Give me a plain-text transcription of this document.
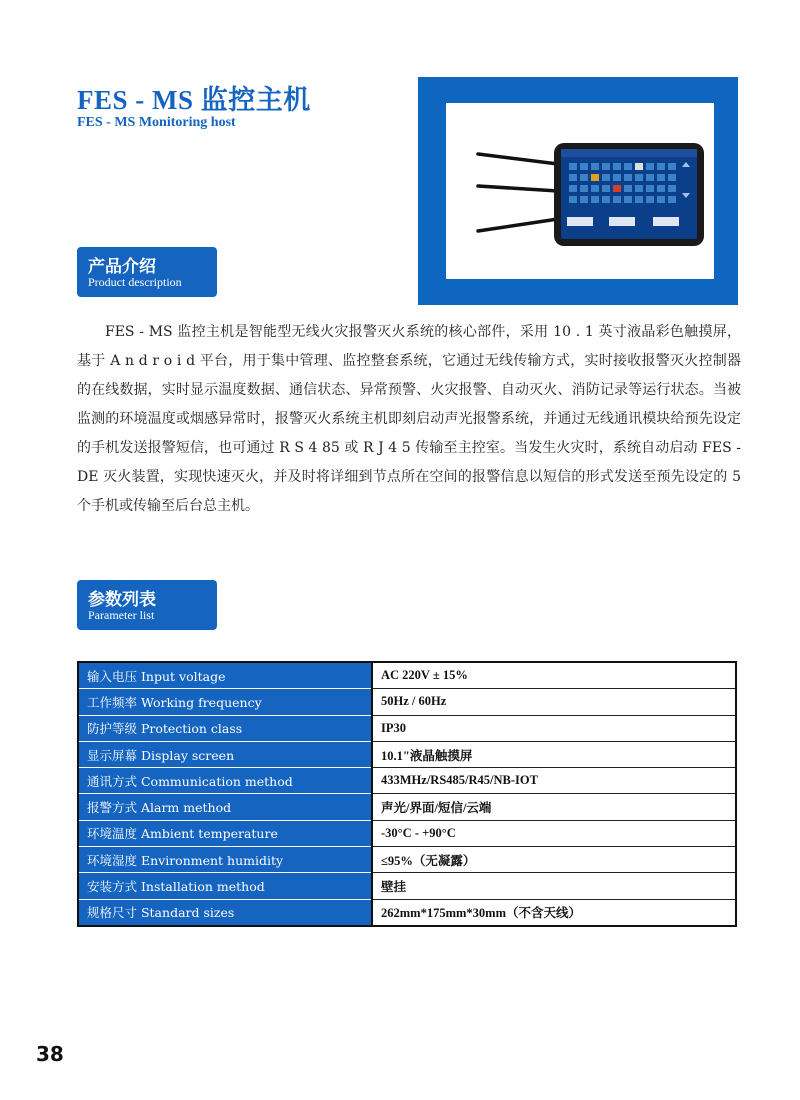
FES - MS 监控主机
FES - MS Monitoring host
产品介绍
Product description

FES - MS 监控主机是智能型无线火灾报警灭火系统的核心部件，采用 10 . 1 英寸液晶彩色触摸屏，基于 A n d r o i d 平台，用于集中管理、监控整套系统，它通过无线传输方式，实时接收报警灭火控制器的在线数据，实时显示温度数据、通信状态、异常预警、火灾报警、自动灭火、消防记录等运行状态。当被监测的环境温度或烟感异常时，报警灭火系统主机即刻启动声光报警系统，并通过无线通讯模块给预先设定的手机发送报警短信，也可通过 R S 4 85 或 R J 4 5 传输至主控室。当发生火灾时，系统自动启动 FES - DE 灭火装置，实现快速灭火，并及时将详细到节点所在空间的报警信息以短信的形式发送至预先设定的 5 个手机或传输至后台总主机。

参数列表
Parameter list
输入电压 Input voltage	AC 220V ± 15%
工作频率 Working frequency	50Hz / 60Hz
防护等级 Protection class	IP30
显示屏幕 Display screen	10.1"液晶触摸屏
通讯方式 Communication method	433MHz/RS485/R45/NB-IOT
报警方式 Alarm method	声光/界面/短信/云端
环境温度 Ambient temperature	-30°C - +90°C
环境湿度 Environment humidity	≤95%（无凝露）
安装方式 Installation method	壁挂
规格尺寸 Standard sizes	262mm*175mm*30mm（不含天线）
38
